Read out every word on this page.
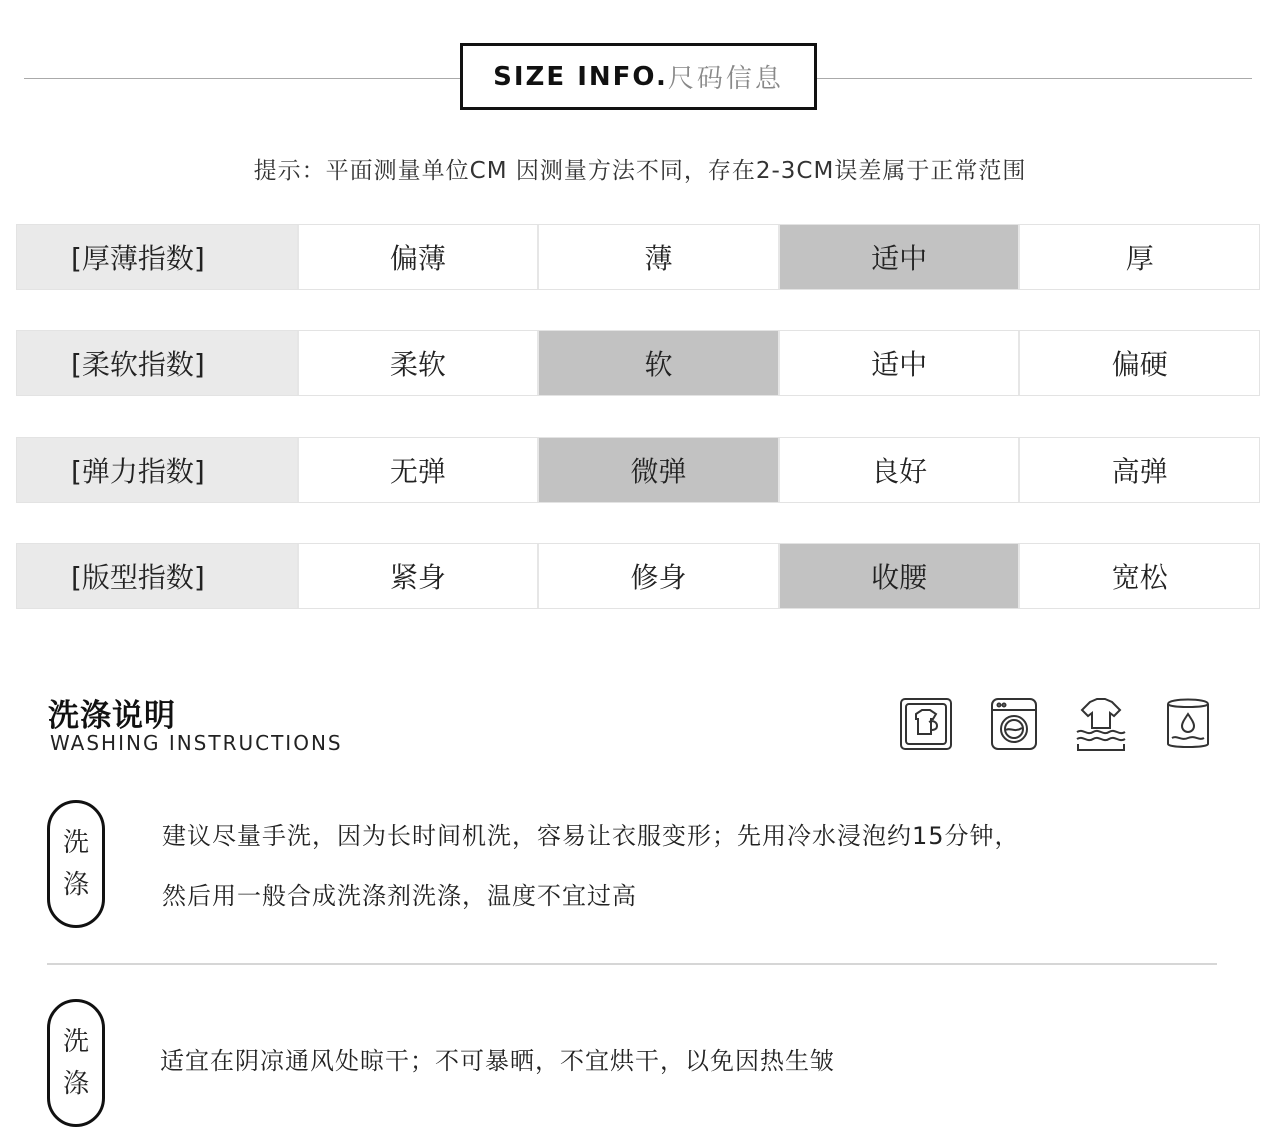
SIZE INFO. 尺码信息
提示：平面测量单位CM 因测量方法不同，存在2-3CM误差属于正常范围
[厚薄指数]	偏薄	薄	适中	厚
[柔软指数]	柔软	软	适中	偏硬
[弹力指数]	无弹	微弹	良好	高弹
[版型指数]	紧身	修身	收腰	宽松
洗涤说明
WASHING INSTRUCTIONS
洗
涤
建议尽量手洗，因为长时间机洗，容易让衣服变形；先用冷水浸泡约15分钟，
然后用一般合成洗涤剂洗涤，温度不宜过高
洗
涤
适宜在阴凉通风处晾干；不可暴晒，不宜烘干，以免因热生皱
